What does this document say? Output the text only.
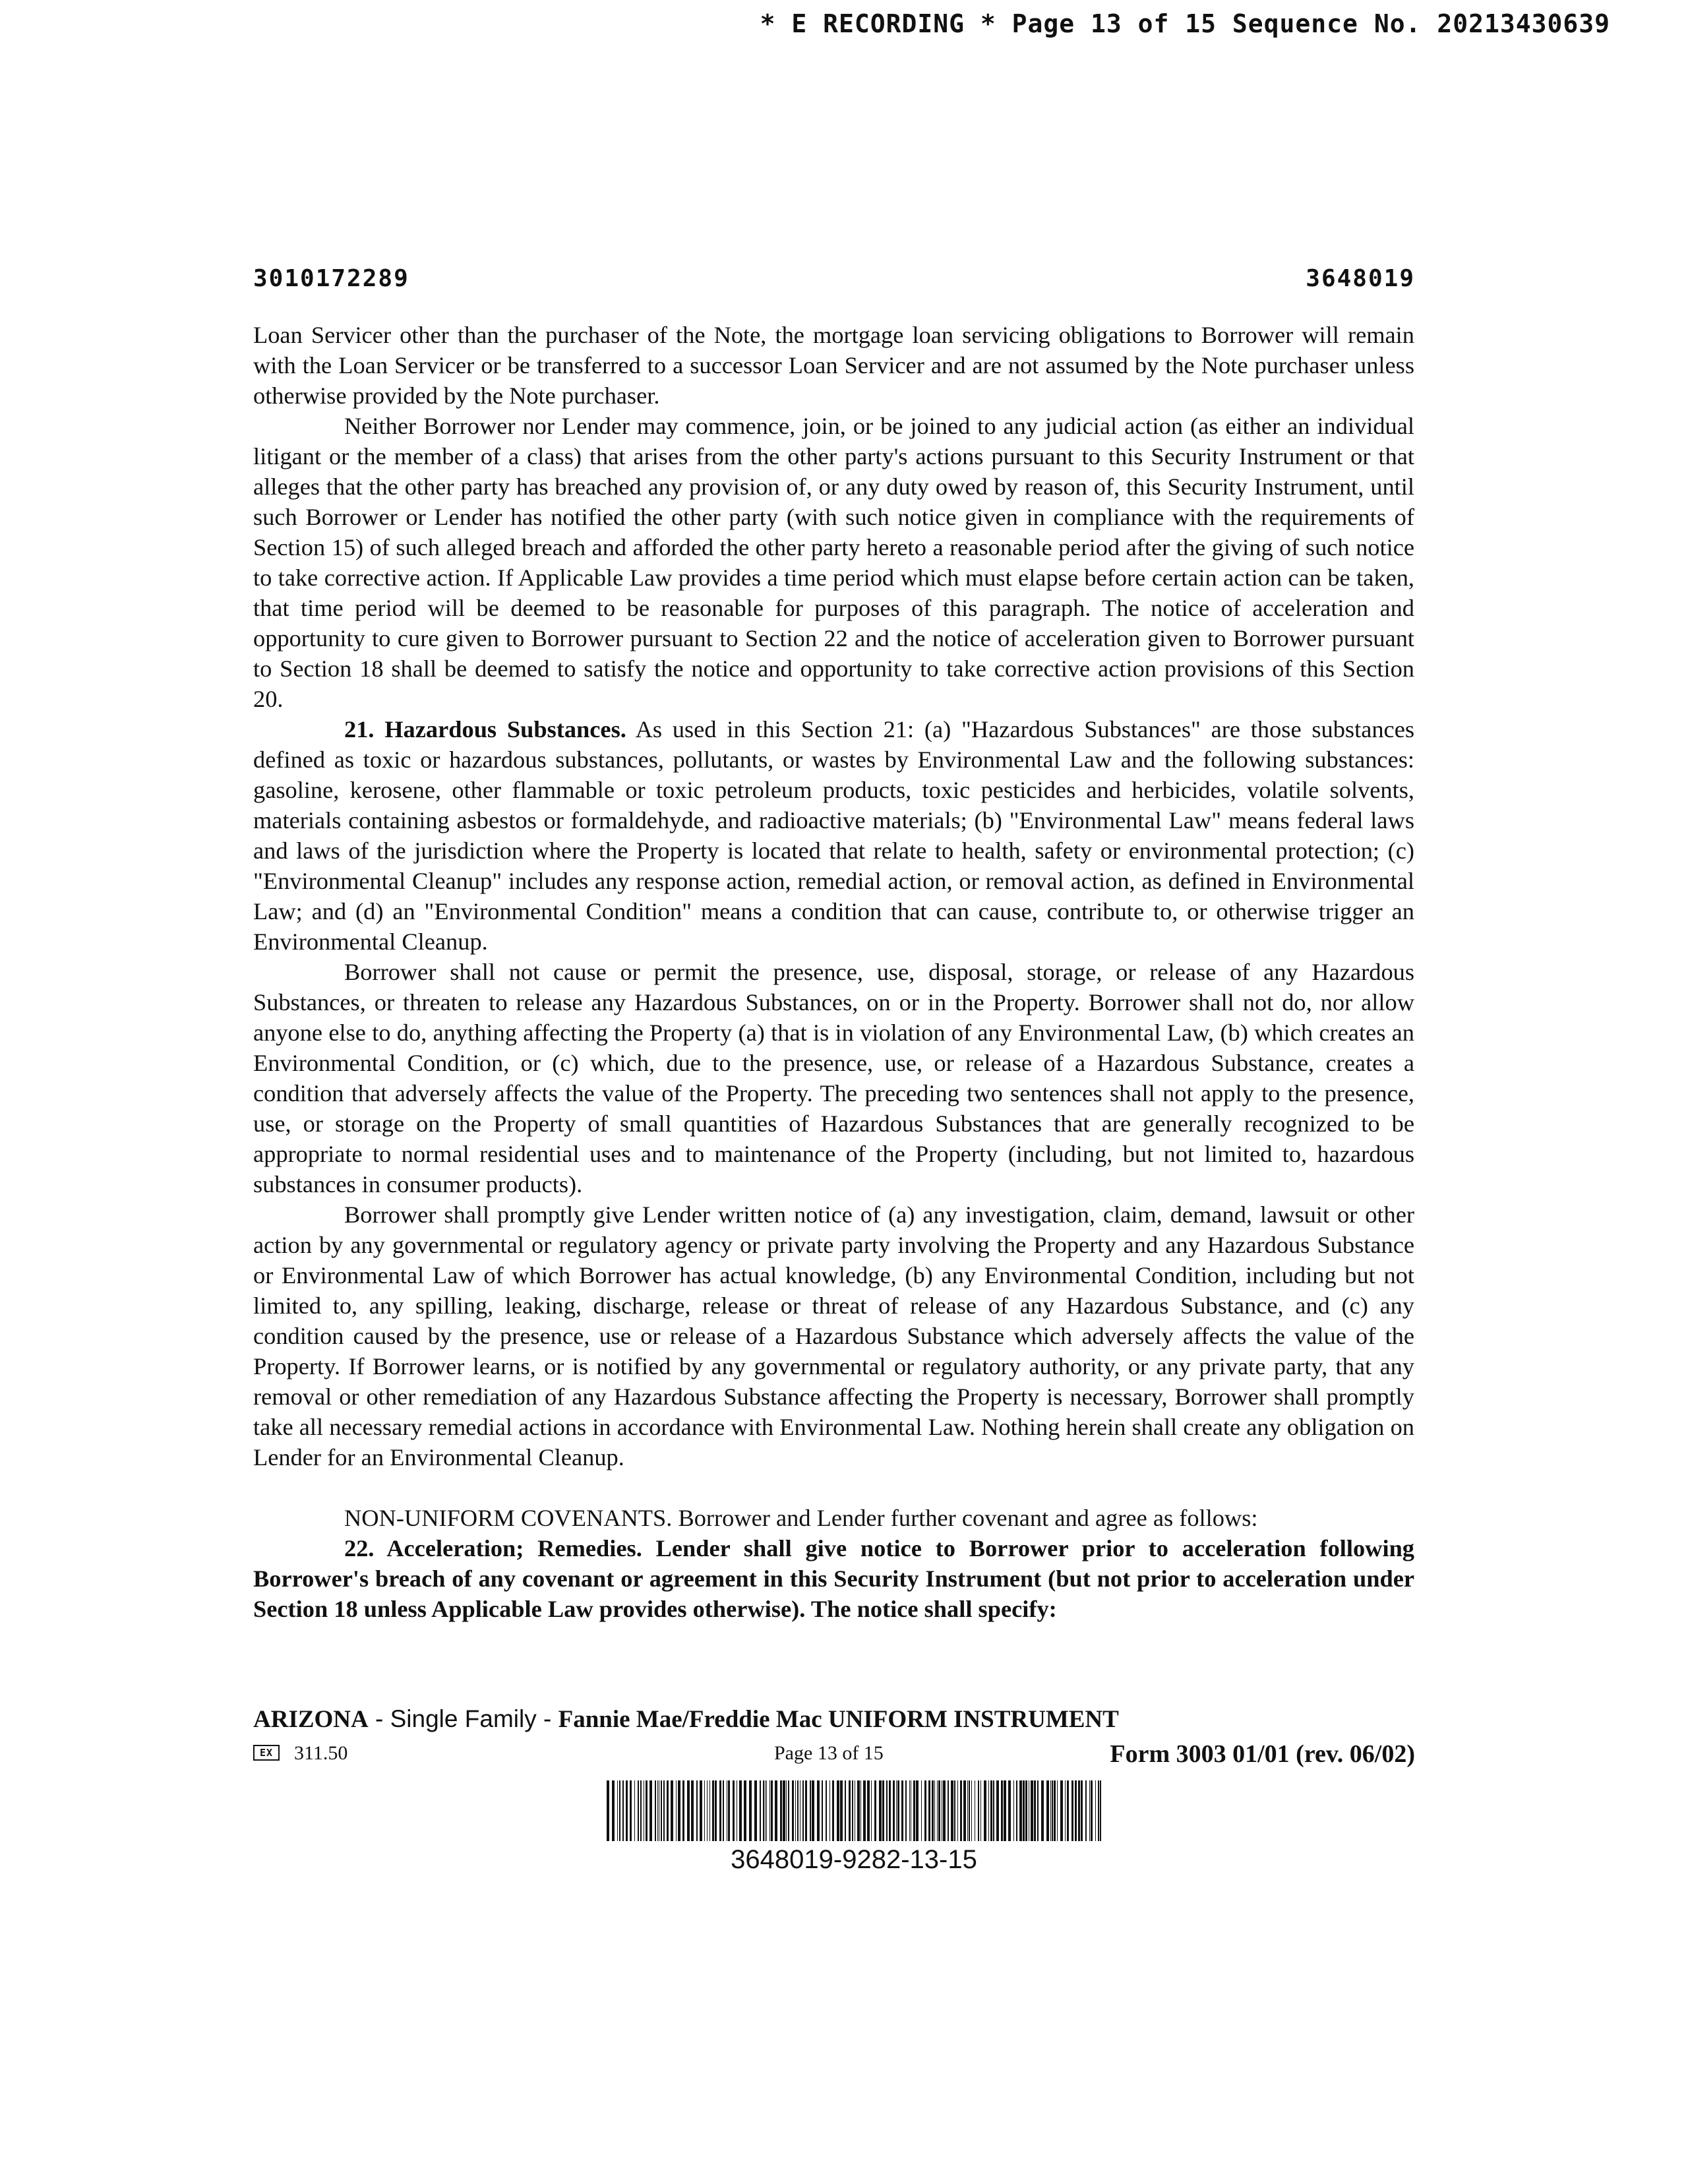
* E RECORDING * Page 13 of 15 Sequence No. 20213430639
3010172289	3648019

Loan Servicer other than the purchaser of the Note, the mortgage loan servicing obligations to Borrower will remain with the Loan Servicer or be transferred to a successor Loan Servicer and are not assumed by the Note purchaser unless otherwise provided by the Note purchaser.

Neither Borrower nor Lender may commence, join, or be joined to any judicial action (as either an individual litigant or the member of a class) that arises from the other party's actions pursuant to this Security Instrument or that alleges that the other party has breached any provision of, or any duty owed by reason of, this Security Instrument, until such Borrower or Lender has notified the other party (with such notice given in compliance with the requirements of Section 15) of such alleged breach and afforded the other party hereto a reasonable period after the giving of such notice to take corrective action. If Applicable Law provides a time period which must elapse before certain action can be taken, that time period will be deemed to be reasonable for purposes of this paragraph. The notice of acceleration and opportunity to cure given to Borrower pursuant to Section 22 and the notice of acceleration given to Borrower pursuant to Section 18 shall be deemed to satisfy the notice and opportunity to take corrective action provisions of this Section 20.

21. Hazardous Substances. As used in this Section 21: (a) "Hazardous Substances" are those substances defined as toxic or hazardous substances, pollutants, or wastes by Environmental Law and the following substances: gasoline, kerosene, other flammable or toxic petroleum products, toxic pesticides and herbicides, volatile solvents, materials containing asbestos or formaldehyde, and radioactive materials; (b) "Environmental Law" means federal laws and laws of the jurisdiction where the Property is located that relate to health, safety or environmental protection; (c) "Environmental Cleanup" includes any response action, remedial action, or removal action, as defined in Environmental Law; and (d) an "Environmental Condition" means a condition that can cause, contribute to, or otherwise trigger an Environmental Cleanup.

Borrower shall not cause or permit the presence, use, disposal, storage, or release of any Hazardous Substances, or threaten to release any Hazardous Substances, on or in the Property. Borrower shall not do, nor allow anyone else to do, anything affecting the Property (a) that is in violation of any Environmental Law, (b) which creates an Environmental Condition, or (c) which, due to the presence, use, or release of a Hazardous Substance, creates a condition that adversely affects the value of the Property. The preceding two sentences shall not apply to the presence, use, or storage on the Property of small quantities of Hazardous Substances that are generally recognized to be appropriate to normal residential uses and to maintenance of the Property (including, but not limited to, hazardous substances in consumer products).

Borrower shall promptly give Lender written notice of (a) any investigation, claim, demand, lawsuit or other action by any governmental or regulatory agency or private party involving the Property and any Hazardous Substance or Environmental Law of which Borrower has actual knowledge, (b) any Environmental Condition, including but not limited to, any spilling, leaking, discharge, release or threat of release of any Hazardous Substance, and (c) any condition caused by the presence, use or release of a Hazardous Substance which adversely affects the value of the Property. If Borrower learns, or is notified by any governmental or regulatory authority, or any private party, that any removal or other remediation of any Hazardous Substance affecting the Property is necessary, Borrower shall promptly take all necessary remedial actions in accordance with Environmental Law. Nothing herein shall create any obligation on Lender for an Environmental Cleanup.

NON-UNIFORM COVENANTS. Borrower and Lender further covenant and agree as follows:

22. Acceleration; Remedies. Lender shall give notice to Borrower prior to acceleration following Borrower's breach of any covenant or agreement in this Security Instrument (but not prior to acceleration under Section 18 unless Applicable Law provides otherwise). The notice shall specify:

ARIZONA - Single Family - Fannie Mae/Freddie Mac UNIFORM INSTRUMENT
EX	311.50	Page 13 of 15	Form 3003 01/01 (rev. 06/02)
3648019-9282-13-15
